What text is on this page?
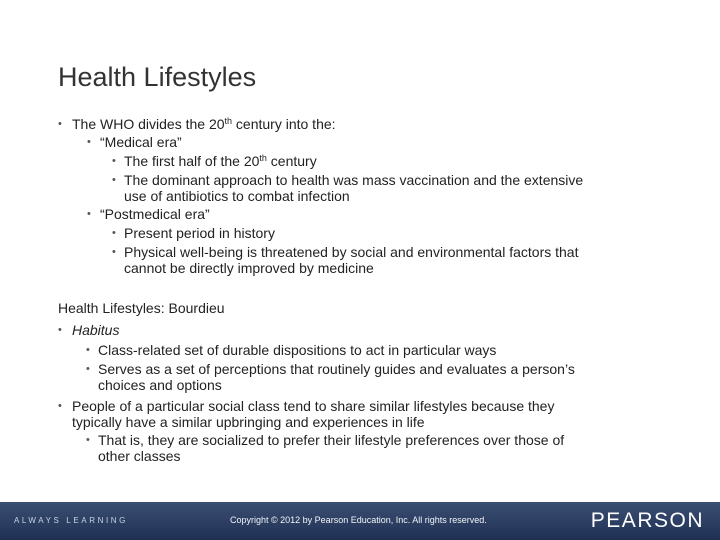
Health Lifestyles
• The WHO divides the 20th century into the:
• “Medical era”
• The first half of the 20th century
• The dominant approach to health was mass vaccination and the extensive
use of antibiotics to combat infection
• “Postmedical era”
• Present period in history
• Physical well-being is threatened by social and environmental factors that
cannot be directly improved by medicine
Health Lifestyles: Bourdieu
• Habitus
• Class-related set of durable dispositions to act in particular ways
• Serves as a set of perceptions that routinely guides and evaluates a person’s
choices and options
• People of a particular social class tend to share similar lifestyles because they
typically have a similar upbringing and experiences in life
• That is, they are socialized to prefer their lifestyle preferences over those of
other classes
ALWAYS LEARNING	Copyright © 2012 by Pearson Education, Inc. All rights reserved.	PEARSON
